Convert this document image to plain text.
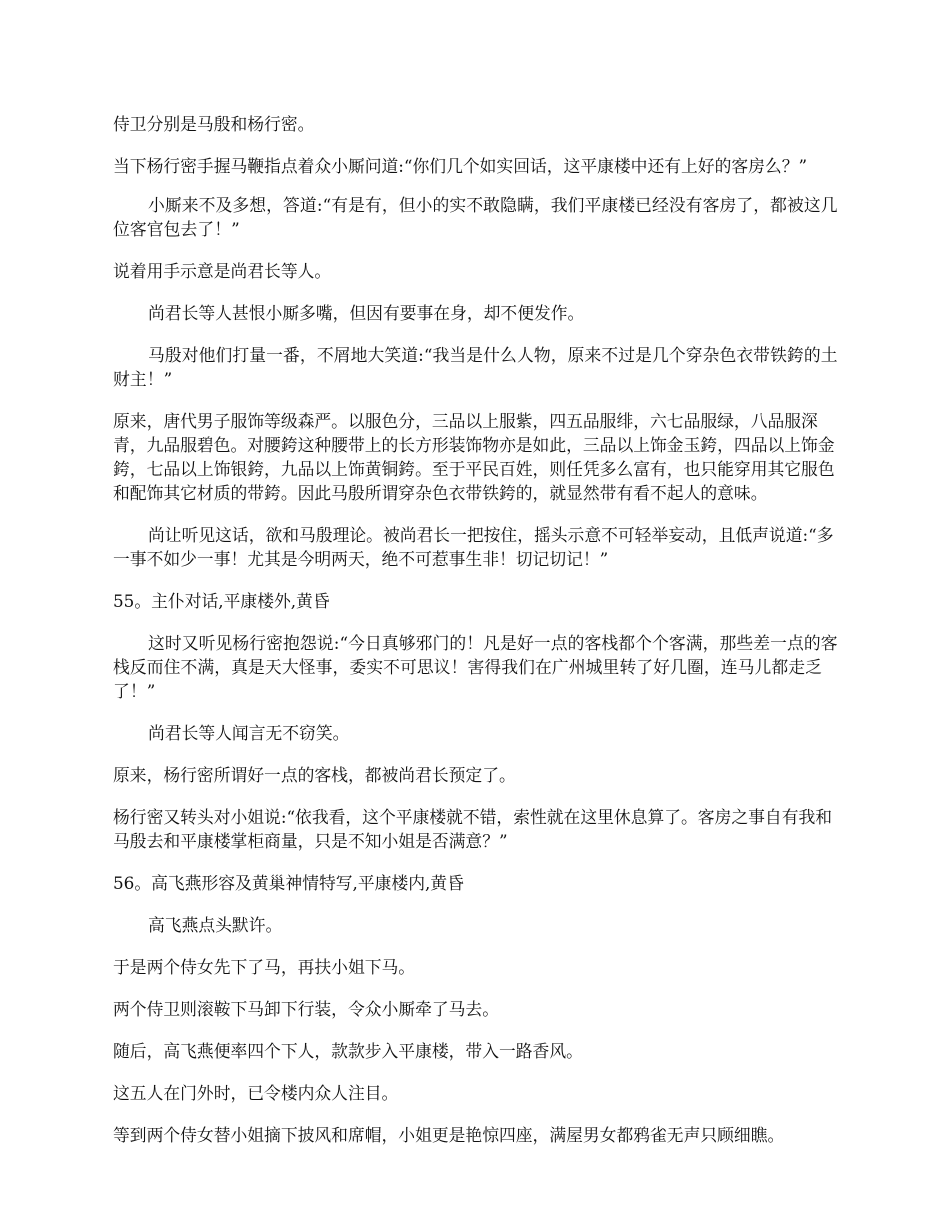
侍卫分别是马殷和杨行密。

当下杨行密手握马鞭指点着众小厮问道:“你们几个如实回话，这平康楼中还有上好的客房么？”

小厮来不及多想，答道:“有是有，但小的实不敢隐瞒，我们平康楼已经没有客房了，都被这几位客官包去了！”

说着用手示意是尚君长等人。

尚君长等人甚恨小厮多嘴，但因有要事在身，却不便发作。

马殷对他们打量一番，不屑地大笑道:“我当是什么人物，原来不过是几个穿杂色衣带铁銙的土财主！”

原来，唐代男子服饰等级森严。以服色分，三品以上服紫，四五品服绯，六七品服绿，八品服深青，九品服碧色。对腰銙这种腰带上的长方形装饰物亦是如此，三品以上饰金玉銙，四品以上饰金銙，七品以上饰银銙，九品以上饰黄铜銙。至于平民百姓，则任凭多么富有，也只能穿用其它服色和配饰其它材质的带銙。因此马殷所谓穿杂色衣带铁銙的，就显然带有看不起人的意味。

尚让听见这话，欲和马殷理论。被尚君长一把按住，摇头示意不可轻举妄动，且低声说道:“多一事不如少一事！尤其是今明两天，绝不可惹事生非！切记切记！”

55。主仆对话,平康楼外,黄昏

这时又听见杨行密抱怨说:“今日真够邪门的！凡是好一点的客栈都个个客满，那些差一点的客栈反而住不满，真是天大怪事，委实不可思议！害得我们在广州城里转了好几圈，连马儿都走乏了！”

尚君长等人闻言无不窃笑。

原来，杨行密所谓好一点的客栈，都被尚君长预定了。

杨行密又转头对小姐说:“依我看，这个平康楼就不错，索性就在这里休息算了。客房之事自有我和马殷去和平康楼掌柜商量，只是不知小姐是否满意？”

56。高飞燕形容及黄巢神情特写,平康楼内,黄昏

高飞燕点头默许。

于是两个侍女先下了马，再扶小姐下马。

两个侍卫则滚鞍下马卸下行装，令众小厮牵了马去。

随后，高飞燕便率四个下人，款款步入平康楼，带入一路香风。

这五人在门外时，已令楼内众人注目。

等到两个侍女替小姐摘下披风和席帽，小姐更是艳惊四座，满屋男女都鸦雀无声只顾细瞧。
